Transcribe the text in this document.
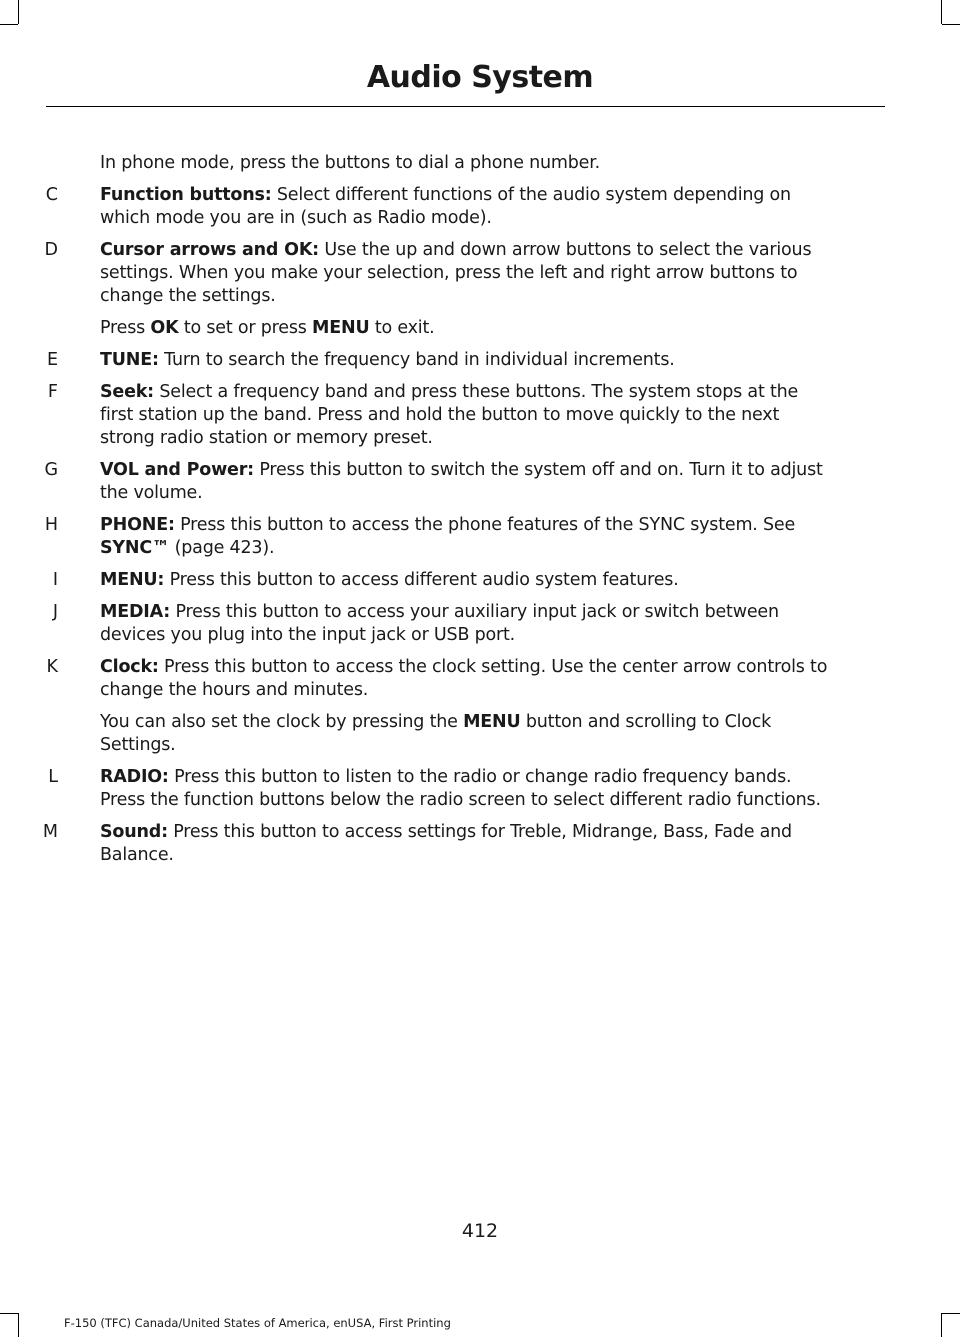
Audio System
In phone mode, press the buttons to dial a phone number.
C	Function buttons: Select different functions of the audio system depending on which mode you are in (such as Radio mode).
D	Cursor arrows and OK: Use the up and down arrow buttons to select the various settings. When you make your selection, press the left and right arrow buttons to change the settings.
Press OK to set or press MENU to exit.
E	TUNE: Turn to search the frequency band in individual increments.
F	Seek: Select a frequency band and press these buttons. The system stops at the first station up the band. Press and hold the button to move quickly to the next strong radio station or memory preset.
G	VOL and Power: Press this button to switch the system off and on. Turn it to adjust the volume.
H	PHONE: Press this button to access the phone features of the SYNC system. See SYNC™ (page 423).
I	MENU: Press this button to access different audio system features.
J	MEDIA: Press this button to access your auxiliary input jack or switch between devices you plug into the input jack or USB port.
K	Clock: Press this button to access the clock setting. Use the center arrow controls to change the hours and minutes.
You can also set the clock by pressing the MENU button and scrolling to Clock Settings.
L	RADIO: Press this button to listen to the radio or change radio frequency bands. Press the function buttons below the radio screen to select different radio functions.
M	Sound: Press this button to access settings for Treble, Midrange, Bass, Fade and Balance.
412
F-150 (TFC) Canada/United States of America, enUSA, First Printing
